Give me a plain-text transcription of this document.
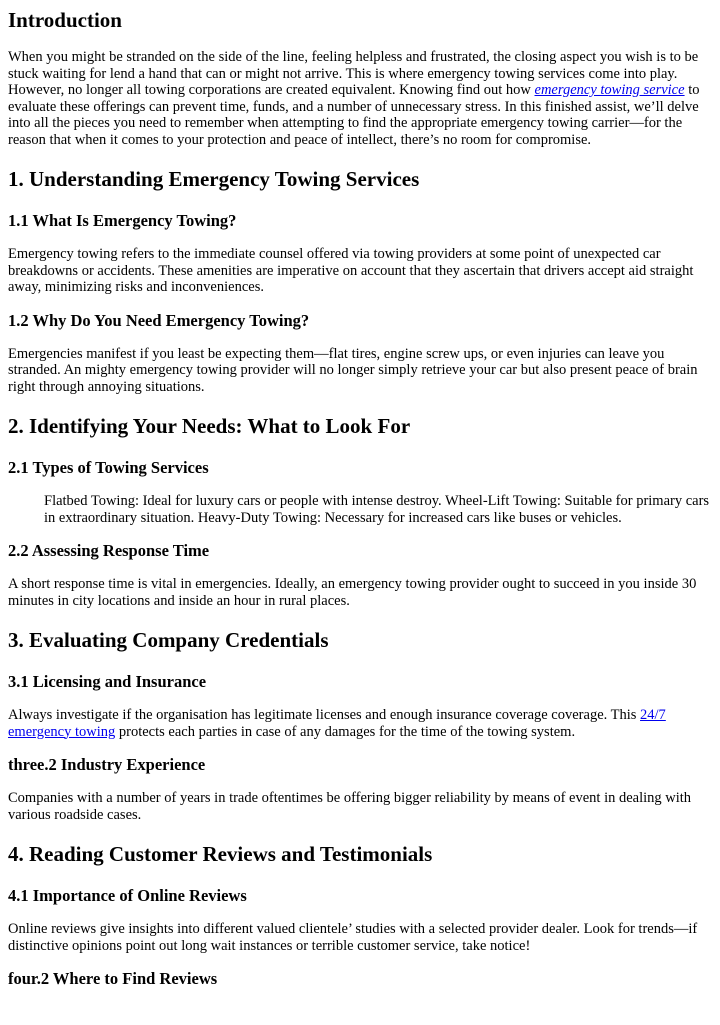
Introduction

When you might be stranded on the side of the line, feeling helpless and frustrated, the closing aspect you wish is to be stuck waiting for lend a hand that can or might not arrive. This is where emergency towing services come into play. However, no longer all towing corporations are created equivalent. Knowing find out how emergency towing service to evaluate these offerings can prevent time, funds, and a number of unnecessary stress. In this finished assist, we’ll delve into all the pieces you need to remember when attempting to find the appropriate emergency towing carrier—for the reason that when it comes to your protection and peace of intellect, there’s no room for compromise.

1. Understanding Emergency Towing Services
1.1 What Is Emergency Towing?

Emergency towing refers to the immediate counsel offered via towing providers at some point of unexpected car breakdowns or accidents. These amenities are imperative on account that they ascertain that drivers accept aid straight away, minimizing risks and inconveniences.

1.2 Why Do You Need Emergency Towing?

Emergencies manifest if you least be expecting them—flat tires, engine screw ups, or even injuries can leave you stranded. An mighty emergency towing provider will no longer simply retrieve your car but also present peace of brain right through annoying situations.

2. Identifying Your Needs: What to Look For
2.1 Types of Towing Services

Flatbed Towing: Ideal for luxury cars or people with intense destroy. Wheel-Lift Towing: Suitable for primary cars in extraordinary situation. Heavy-Duty Towing: Necessary for increased cars like buses or vehicles.

2.2 Assessing Response Time

A short response time is vital in emergencies. Ideally, an emergency towing provider ought to succeed in you inside 30 minutes in city locations and inside an hour in rural places.

3. Evaluating Company Credentials
3.1 Licensing and Insurance

Always investigate if the organisation has legitimate licenses and enough insurance coverage coverage. This 24/7 emergency towing protects each parties in case of any damages for the time of the towing system.

three.2 Industry Experience

Companies with a number of years in trade oftentimes be offering bigger reliability by means of event in dealing with various roadside cases.

4. Reading Customer Reviews and Testimonials
4.1 Importance of Online Reviews

Online reviews give insights into different valued clientele’ studies with a selected provider dealer. Look for trends—if distinctive opinions point out long wait instances or terrible customer service, take notice!

four.2 Where to Find Reviews
